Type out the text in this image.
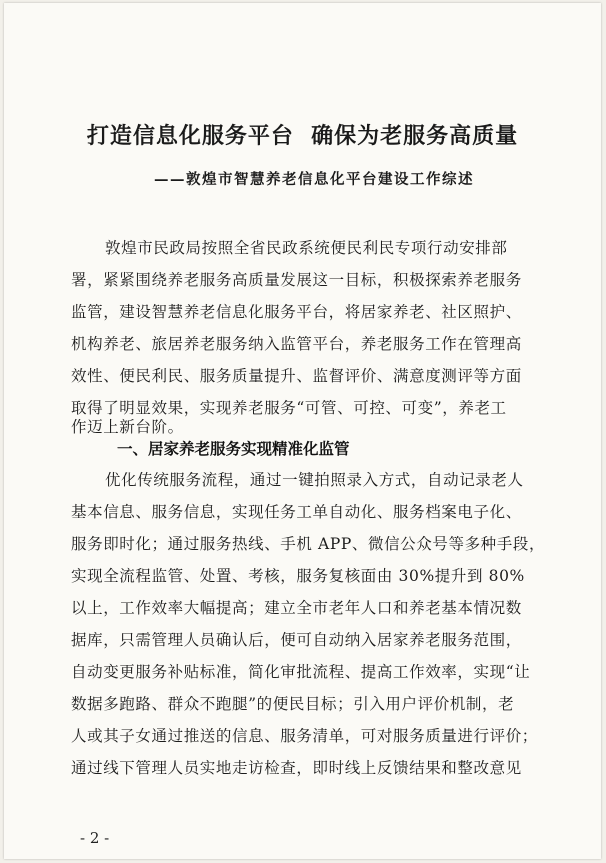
打造信息化服务平台  确保为老服务高质量
——敦煌市智慧养老信息化平台建设工作综述
敦煌市民政局按照全省民政系统便民利民专项行动安排部
署，紧紧围绕养老服务高质量发展这一目标，积极探索养老服务
监管，建设智慧养老信息化服务平台，将居家养老、社区照护、
机构养老、旅居养老服务纳入监管平台，养老服务工作在管理高
效性、便民利民、服务质量提升、监督评价、满意度测评等方面
取得了明显效果，实现养老服务“可管、可控、可变”，养老工
作迈上新台阶。
一、居家养老服务实现精准化监管
优化传统服务流程，通过一键拍照录入方式，自动记录老人
基本信息、服务信息，实现任务工单自动化、服务档案电子化、
服务即时化；通过服务热线、手机 APP、微信公众号等多种手段，
实现全流程监管、处置、考核，服务复核面由 30%提升到 80%
以上，工作效率大幅提高；建立全市老年人口和养老基本情况数
据库，只需管理人员确认后，便可自动纳入居家养老服务范围，
自动变更服务补贴标准，简化审批流程、提高工作效率，实现“让
数据多跑路、群众不跑腿”的便民目标；引入用户评价机制，老
人或其子女通过推送的信息、服务清单，可对服务质量进行评价；
通过线下管理人员实地走访检查，即时线上反馈结果和整改意见
- 2 -
